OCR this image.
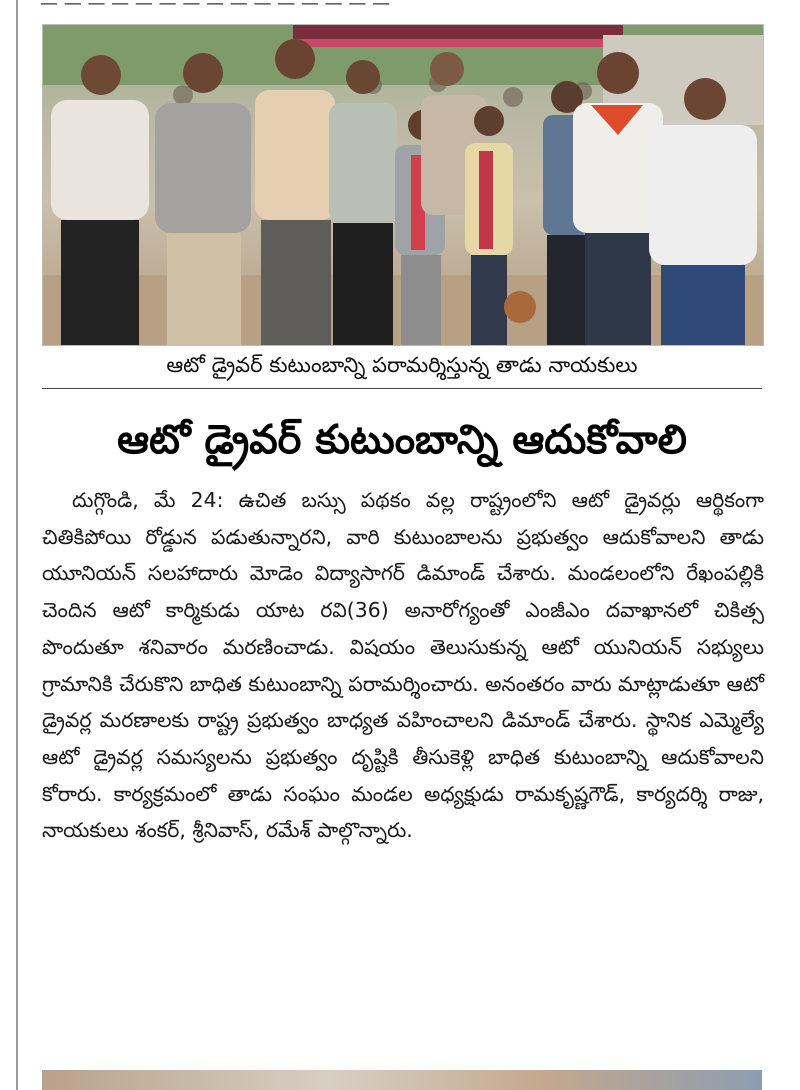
— — — — — — — — — — — — — — —
ఆటో డ్రైవర్ కుటుంబాన్ని పరామర్శిస్తున్న తాడు నాయకులు
ఆటో డ్రైవర్ కుటుంబాన్ని ఆదుకోవాలి

దుగ్గొండి, మే 24: ఉచిత బస్సు పథకం వల్ల రాష్ట్రంలోని ఆటో డ్రైవర్లు ఆర్థికంగా చితికిపోయి రోడ్డున పడుతున్నారని, వారి కుటుంబాలను ప్రభుత్వం ఆదుకోవాలని తాడు యూనియన్ సలహాదారు మోడెం విద్యాసాగర్ డిమాండ్ చేశారు. మండలంలోని రేఖంపల్లికి చెందిన ఆటో కార్మికుడు యాట రవి(36) అనారోగ్యంతో ఎంజీఎం దవాఖానలో చికిత్స పొందుతూ శనివారం మరణించాడు. విషయం తెలుసుకున్న ఆటో యునియన్ సభ్యులు గ్రామానికి చేరుకొని బాధిత కుటుంబాన్ని పరామర్శించారు. అనంతరం వారు మాట్లాడుతూ ఆటో డ్రైవర్ల మరణాలకు రాష్ట్ర ప్రభుత్వం బాధ్యత వహించాలని డిమాండ్ చేశారు. స్థానిక ఎమ్మెల్యే ఆటో డ్రైవర్ల సమస్యలను ప్రభుత్వం దృష్టికి తీసుకెళ్లి బాధిత కుటుంబాన్ని ఆదుకోవాలని కోరారు. కార్యక్రమంలో తాడు సంఘం మండల అధ్యక్షుడు రామకృష్ణగౌడ్, కార్యదర్శి రాజు, నాయకులు శంకర్, శ్రీనివాస్, రమేశ్ పాల్గొన్నారు.
